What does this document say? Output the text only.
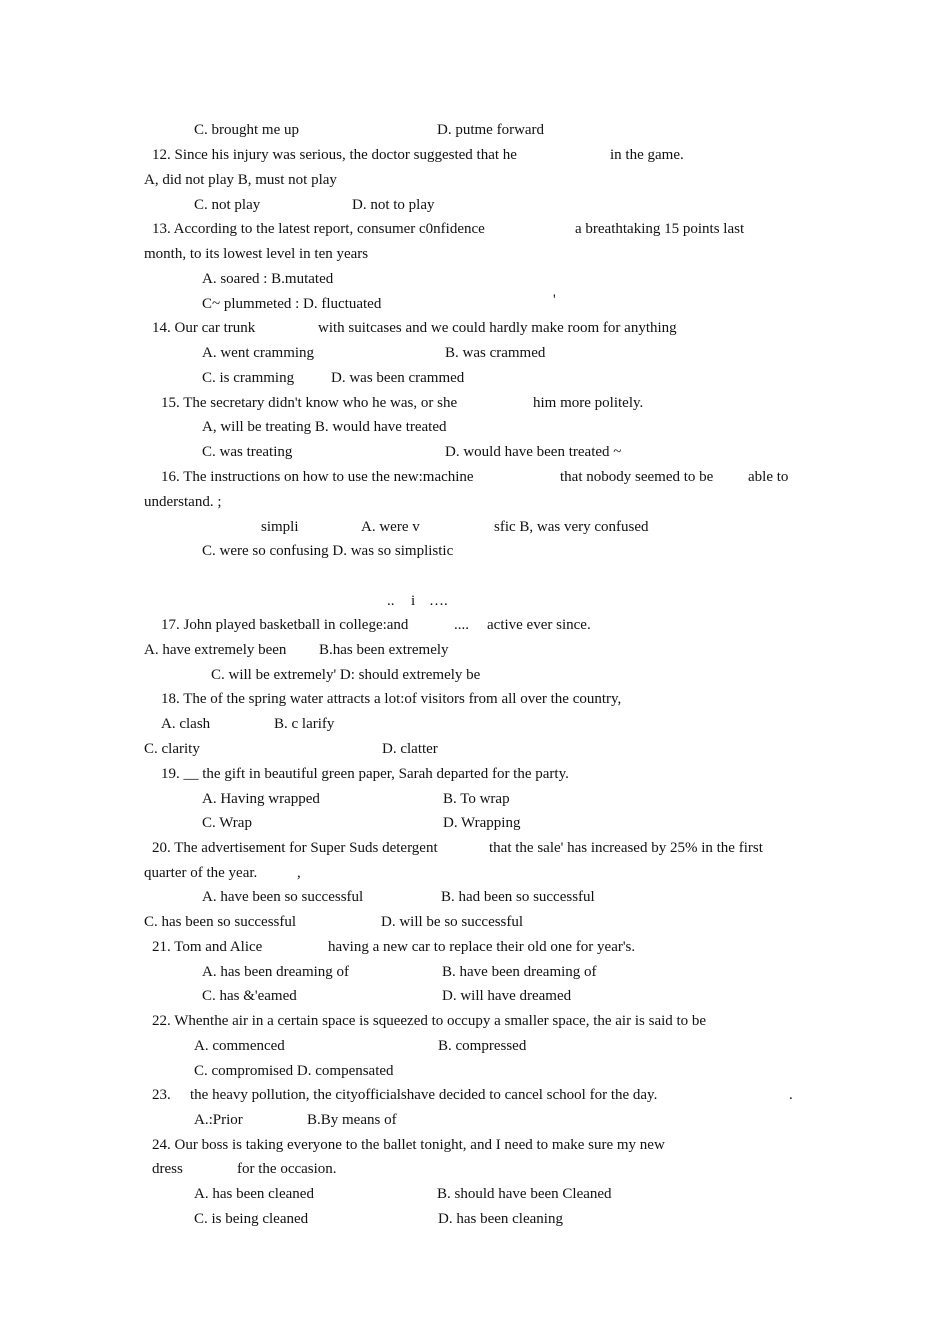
C. brought me up	D. putme forward
12. Since his injury was serious, the doctor suggested that he	in the game.
A, did not play B, must not play
C. not play	D. not to play
13. According to the latest report, consumer c0nfidence	a breathtaking 15 points last
month, to its lowest level in ten years
A. soared : B.mutated
C~ plummeted : D. fluctuated	'
14. Our car trunk	with suitcases and we could hardly make room for anything
A. went cramming	B. was crammed
C. is cramming D. was been crammed
15. The secretary didn't know who he was, or she	him more politely.
A, will be treating B. would have treated
C. was treating	D. would have been treated ~
16. The instructions on how to use the new:machine	that nobody seemed to be able to
understand. ;
simpli	A. were v	sfic B, was very confused
C. were so confusing D. was so simplistic
.. i ….
17. John played basketball in college:and	.... active ever since.
A. have extremely been B.has been extremely
C. will be extremely' D: should extremely be
18. The of the spring water attracts a lot:of visitors from all over the country,
A. clash	B. c larify
C. clarity	D. clatter
19. __ the gift in beautiful green paper, Sarah departed for the party.
A. Having wrapped	B. To wrap
C. Wrap	D. Wrapping
20. The advertisement for Super Suds detergent	that the sale' has increased by 25% in the first
quarter of the year.	,
A. have been so successful	B. had been so successful
C. has been so successful	D. will be so successful
21. Tom and Alice	having a new car to replace their old one for year's.
A. has been dreaming of	B. have been dreaming of
C. has &'eamed	D. will have dreamed
22. Whenthe air in a certain space is squeezed to occupy a smaller space, the air is said to be
A. commenced	B. compressed
C. compromised D. compensated
23. the heavy pollution, the cityofficialshave decided to cancel school for the day.	.
A.:Prior	B.By means of
24. Our boss is taking everyone to the ballet tonight, and I need to make sure my new
dress	for the occasion.
A. has been cleaned	B. should have been Cleaned
C. is being cleaned	D. has been cleaning
